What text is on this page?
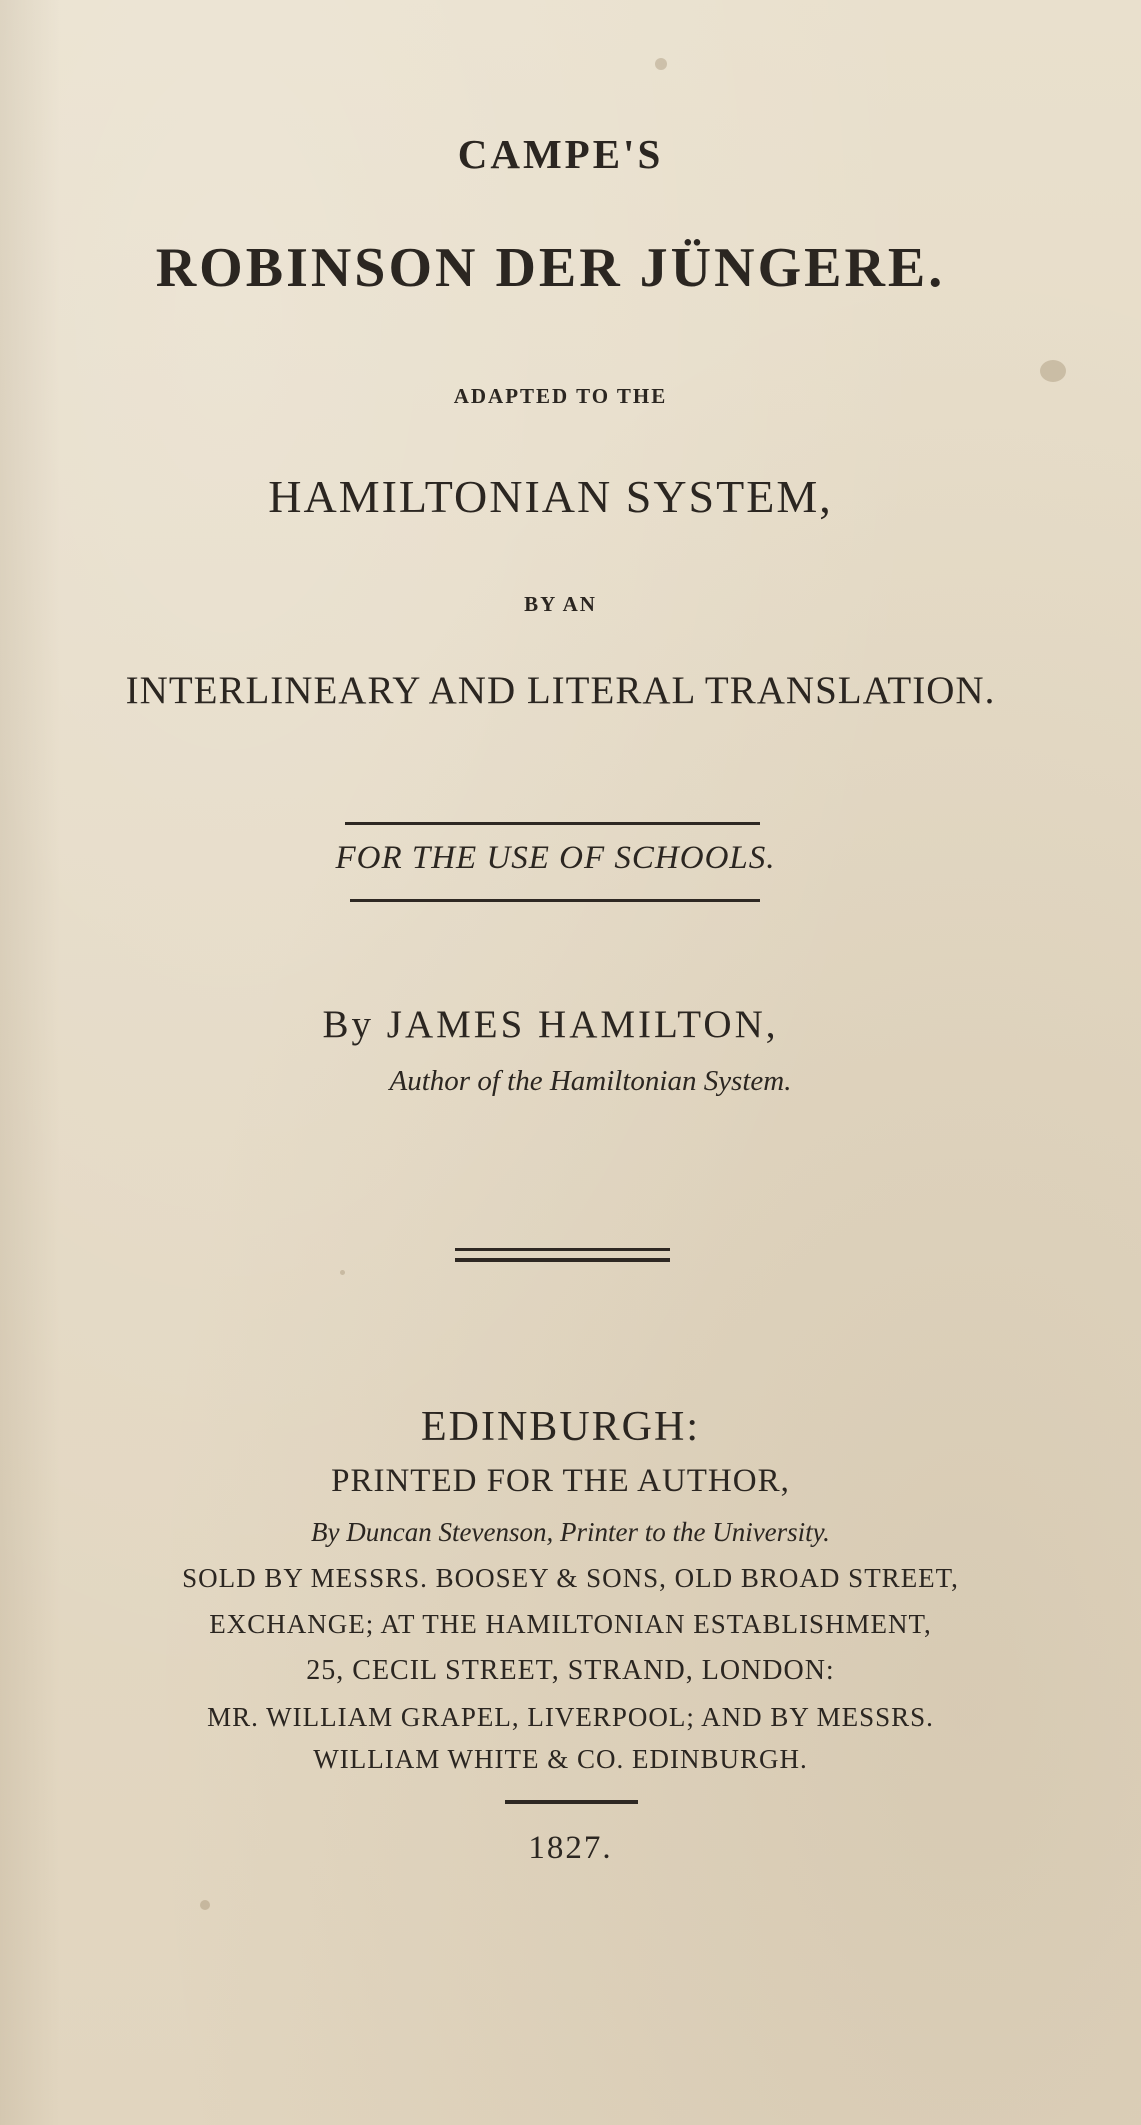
CAMPE'S

ROBINSON DER JÜNGERE.

ADAPTED TO THE

HAMILTONIAN SYSTEM,

BY AN

INTERLINEARY AND LITERAL TRANSLATION.

FOR THE USE OF SCHOOLS.

By JAMES HAMILTON,

Author of the Hamiltonian System.

EDINBURGH:

PRINTED FOR THE AUTHOR,

By Duncan Stevenson, Printer to the University.

SOLD BY MESSRS. BOOSEY & SONS, OLD BROAD STREET,

EXCHANGE; AT THE HAMILTONIAN ESTABLISHMENT,

25, CECIL STREET, STRAND, LONDON:

MR. WILLIAM GRAPEL, LIVERPOOL; AND BY MESSRS.

WILLIAM WHITE & CO. EDINBURGH.

1827.
